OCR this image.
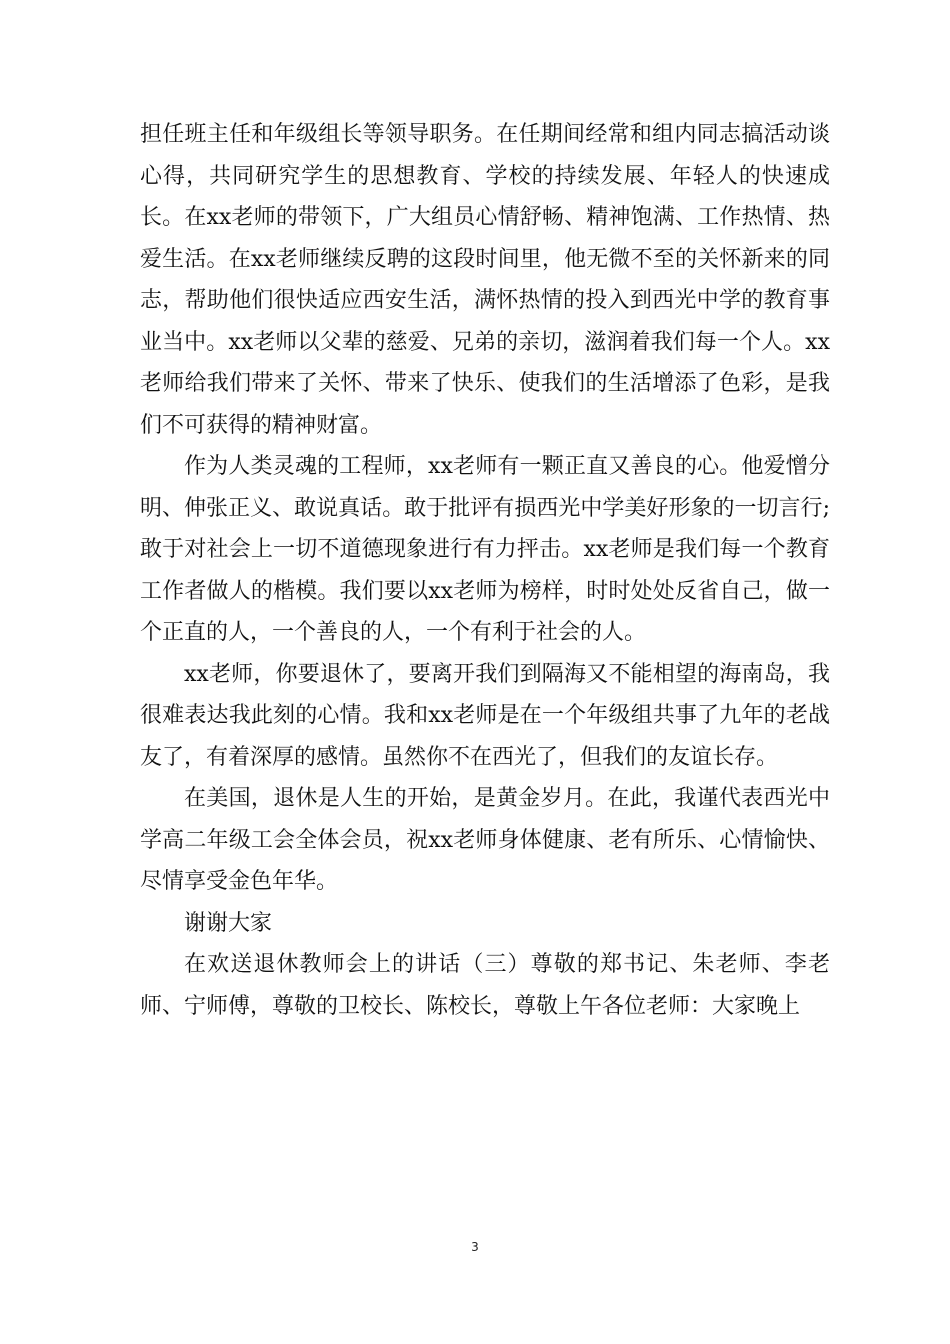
担任班主任和年级组长等领导职务。在任期间经常和组内同志搞活动谈心得，共同研究学生的思想教育、学校的持续发展、年轻人的快速成长。在xx老师的带领下，广大组员心情舒畅、精神饱满、工作热情、热爱生活。在xx老师继续反聘的这段时间里，他无微不至的关怀新来的同志，帮助他们很快适应西安生活，满怀热情的投入到西光中学的教育事业当中。xx老师以父辈的慈爱、兄弟的亲切，滋润着我们每一个人。xx老师给我们带来了关怀、带来了快乐、使我们的生活增添了色彩，是我们不可获得的精神财富。

作为人类灵魂的工程师，xx老师有一颗正直又善良的心。他爱憎分明、伸张正义、敢说真话。敢于批评有损西光中学美好形象的一切言行;敢于对社会上一切不道德现象进行有力抨击。xx老师是我们每一个教育工作者做人的楷模。我们要以xx老师为榜样，时时处处反省自己，做一个正直的人，一个善良的人，一个有利于社会的人。

xx老师，你要退休了，要离开我们到隔海又不能相望的海南岛，我很难表达我此刻的心情。我和xx老师是在一个年级组共事了九年的老战友了，有着深厚的感情。虽然你不在西光了，但我们的友谊长存。

在美国，退休是人生的开始，是黄金岁月。在此，我谨代表西光中学高二年级工会全体会员，祝xx老师身体健康、老有所乐、心情愉快、尽情享受金色年华。

谢谢大家

在欢送退休教师会上的讲话（三）尊敬的郑书记、朱老师、李老师、宁师傅，尊敬的卫校长、陈校长，尊敬上午各位老师：大家晚上

3
